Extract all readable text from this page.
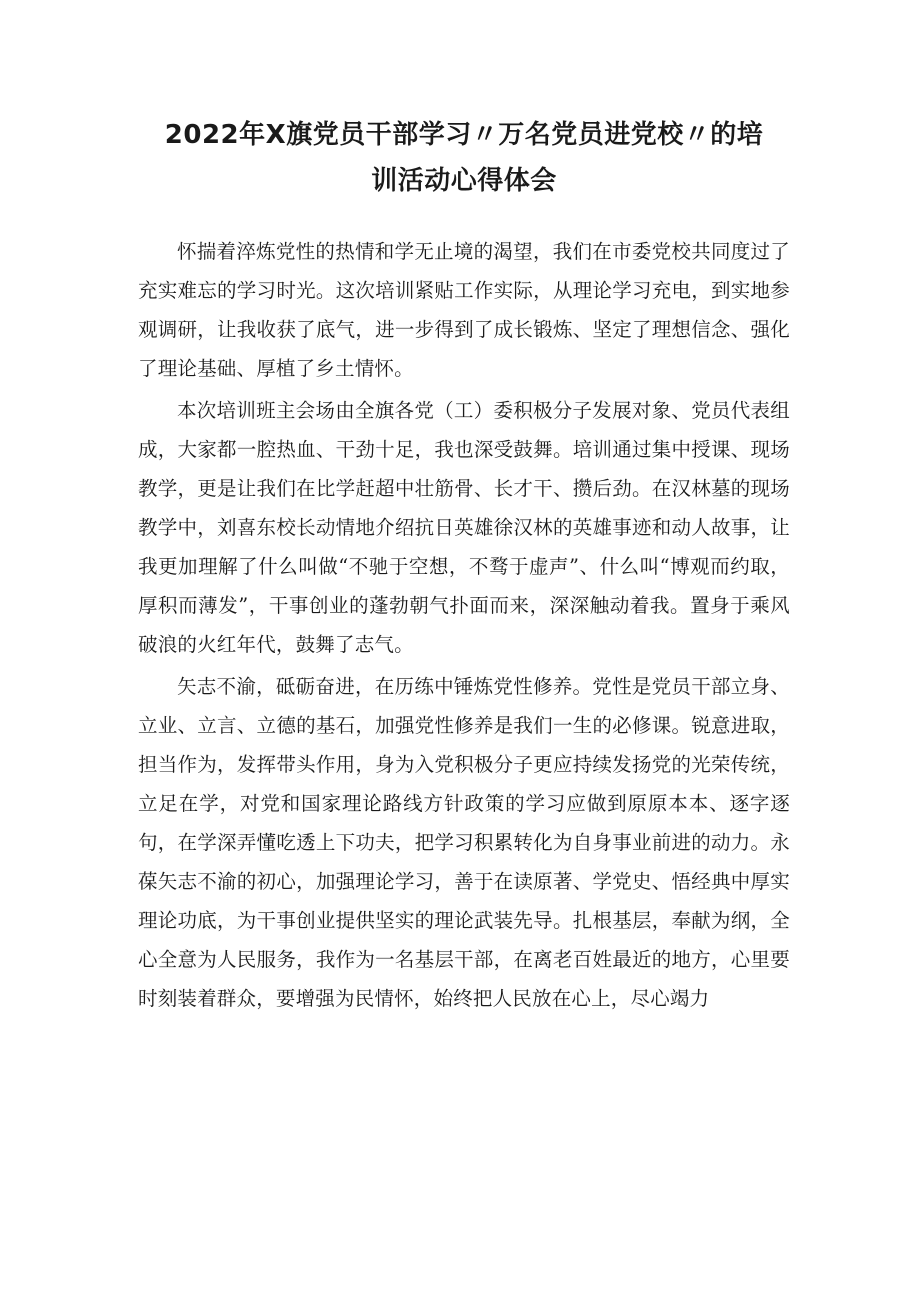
2022年X旗党员干部学习〃万名党员进党校〃的培
训活动心得体会

怀揣着淬炼党性的热情和学无止境的渴望，我们在市委党校共同度过了充实难忘的学习时光。这次培训紧贴工作实际，从理论学习充电，到实地参观调研，让我收获了底气，进一步得到了成长锻炼、坚定了理想信念、强化了理论基础、厚植了乡土情怀。

本次培训班主会场由全旗各党（工）委积极分子发展对象、党员代表组成，大家都一腔热血、干劲十足，我也深受鼓舞。培训通过集中授课、现场教学，更是让我们在比学赶超中壮筋骨、长才干、攒后劲。在汉林墓的现场教学中，刘喜东校长动情地介绍抗日英雄徐汉林的英雄事迹和动人故事，让我更加理解了什么叫做“不驰于空想，不骛于虚声”、什么叫“博观而约取，厚积而薄发”，干事创业的蓬勃朝气扑面而来，深深触动着我。置身于乘风破浪的火红年代，鼓舞了志气。

矢志不渝，砥砺奋进，在历练中锤炼党性修养。党性是党员干部立身、立业、立言、立德的基石，加强党性修养是我们一生的必修课。锐意进取，担当作为，发挥带头作用，身为入党积极分子更应持续发扬党的光荣传统，立足在学，对党和国家理论路线方针政策的学习应做到原原本本、逐字逐句，在学深弄懂吃透上下功夫，把学习积累转化为自身事业前进的动力。永葆矢志不渝的初心，加强理论学习，善于在读原著、学党史、悟经典中厚实理论功底，为干事创业提供坚实的理论武装先导。扎根基层，奉献为纲，全心全意为人民服务，我作为一名基层干部，在离老百姓最近的地方，心里要时刻装着群众，要增强为民情怀，始终把人民放在心上，尽心竭力
